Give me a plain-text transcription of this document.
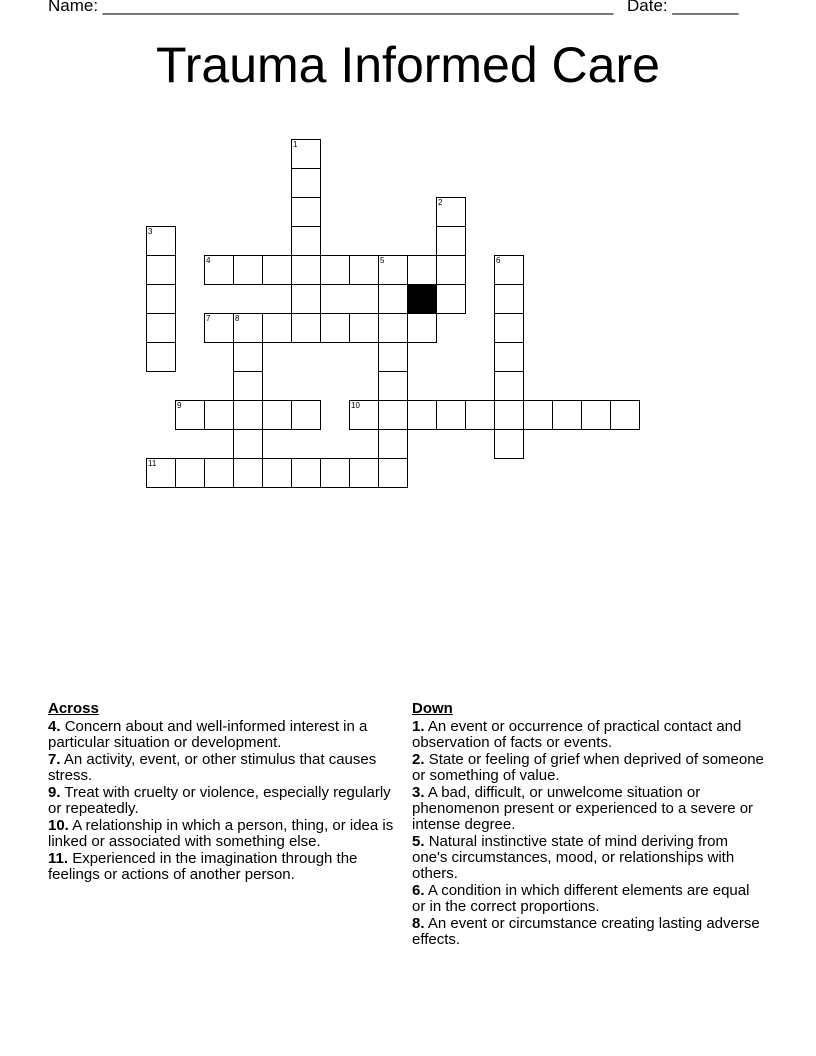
Name: ______________________________________________________ Date: _______
Trauma Informed Care
1
2
3
4	5	6
7	8
9	10
11
Across
4. Concern about and well-informed interest in a particular situation or development.
7. An activity, event, or other stimulus that causes stress.
9. Treat with cruelty or violence, especially regularly or repeatedly.
10. A relationship in which a person, thing, or idea is linked or associated with something else.
11. Experienced in the imagination through the feelings or actions of another person.
Down
1. An event or occurrence of practical contact and observation of facts or events.
2. State or feeling of grief when deprived of someone or something of value.
3. A bad, difficult, or unwelcome situation or phenomenon present or experienced to a severe or intense degree.
5. Natural instinctive state of mind deriving from one's circumstances, mood, or relationships with others.
6. A condition in which different elements are equal or in the correct proportions.
8. An event or circumstance creating lasting adverse effects.
